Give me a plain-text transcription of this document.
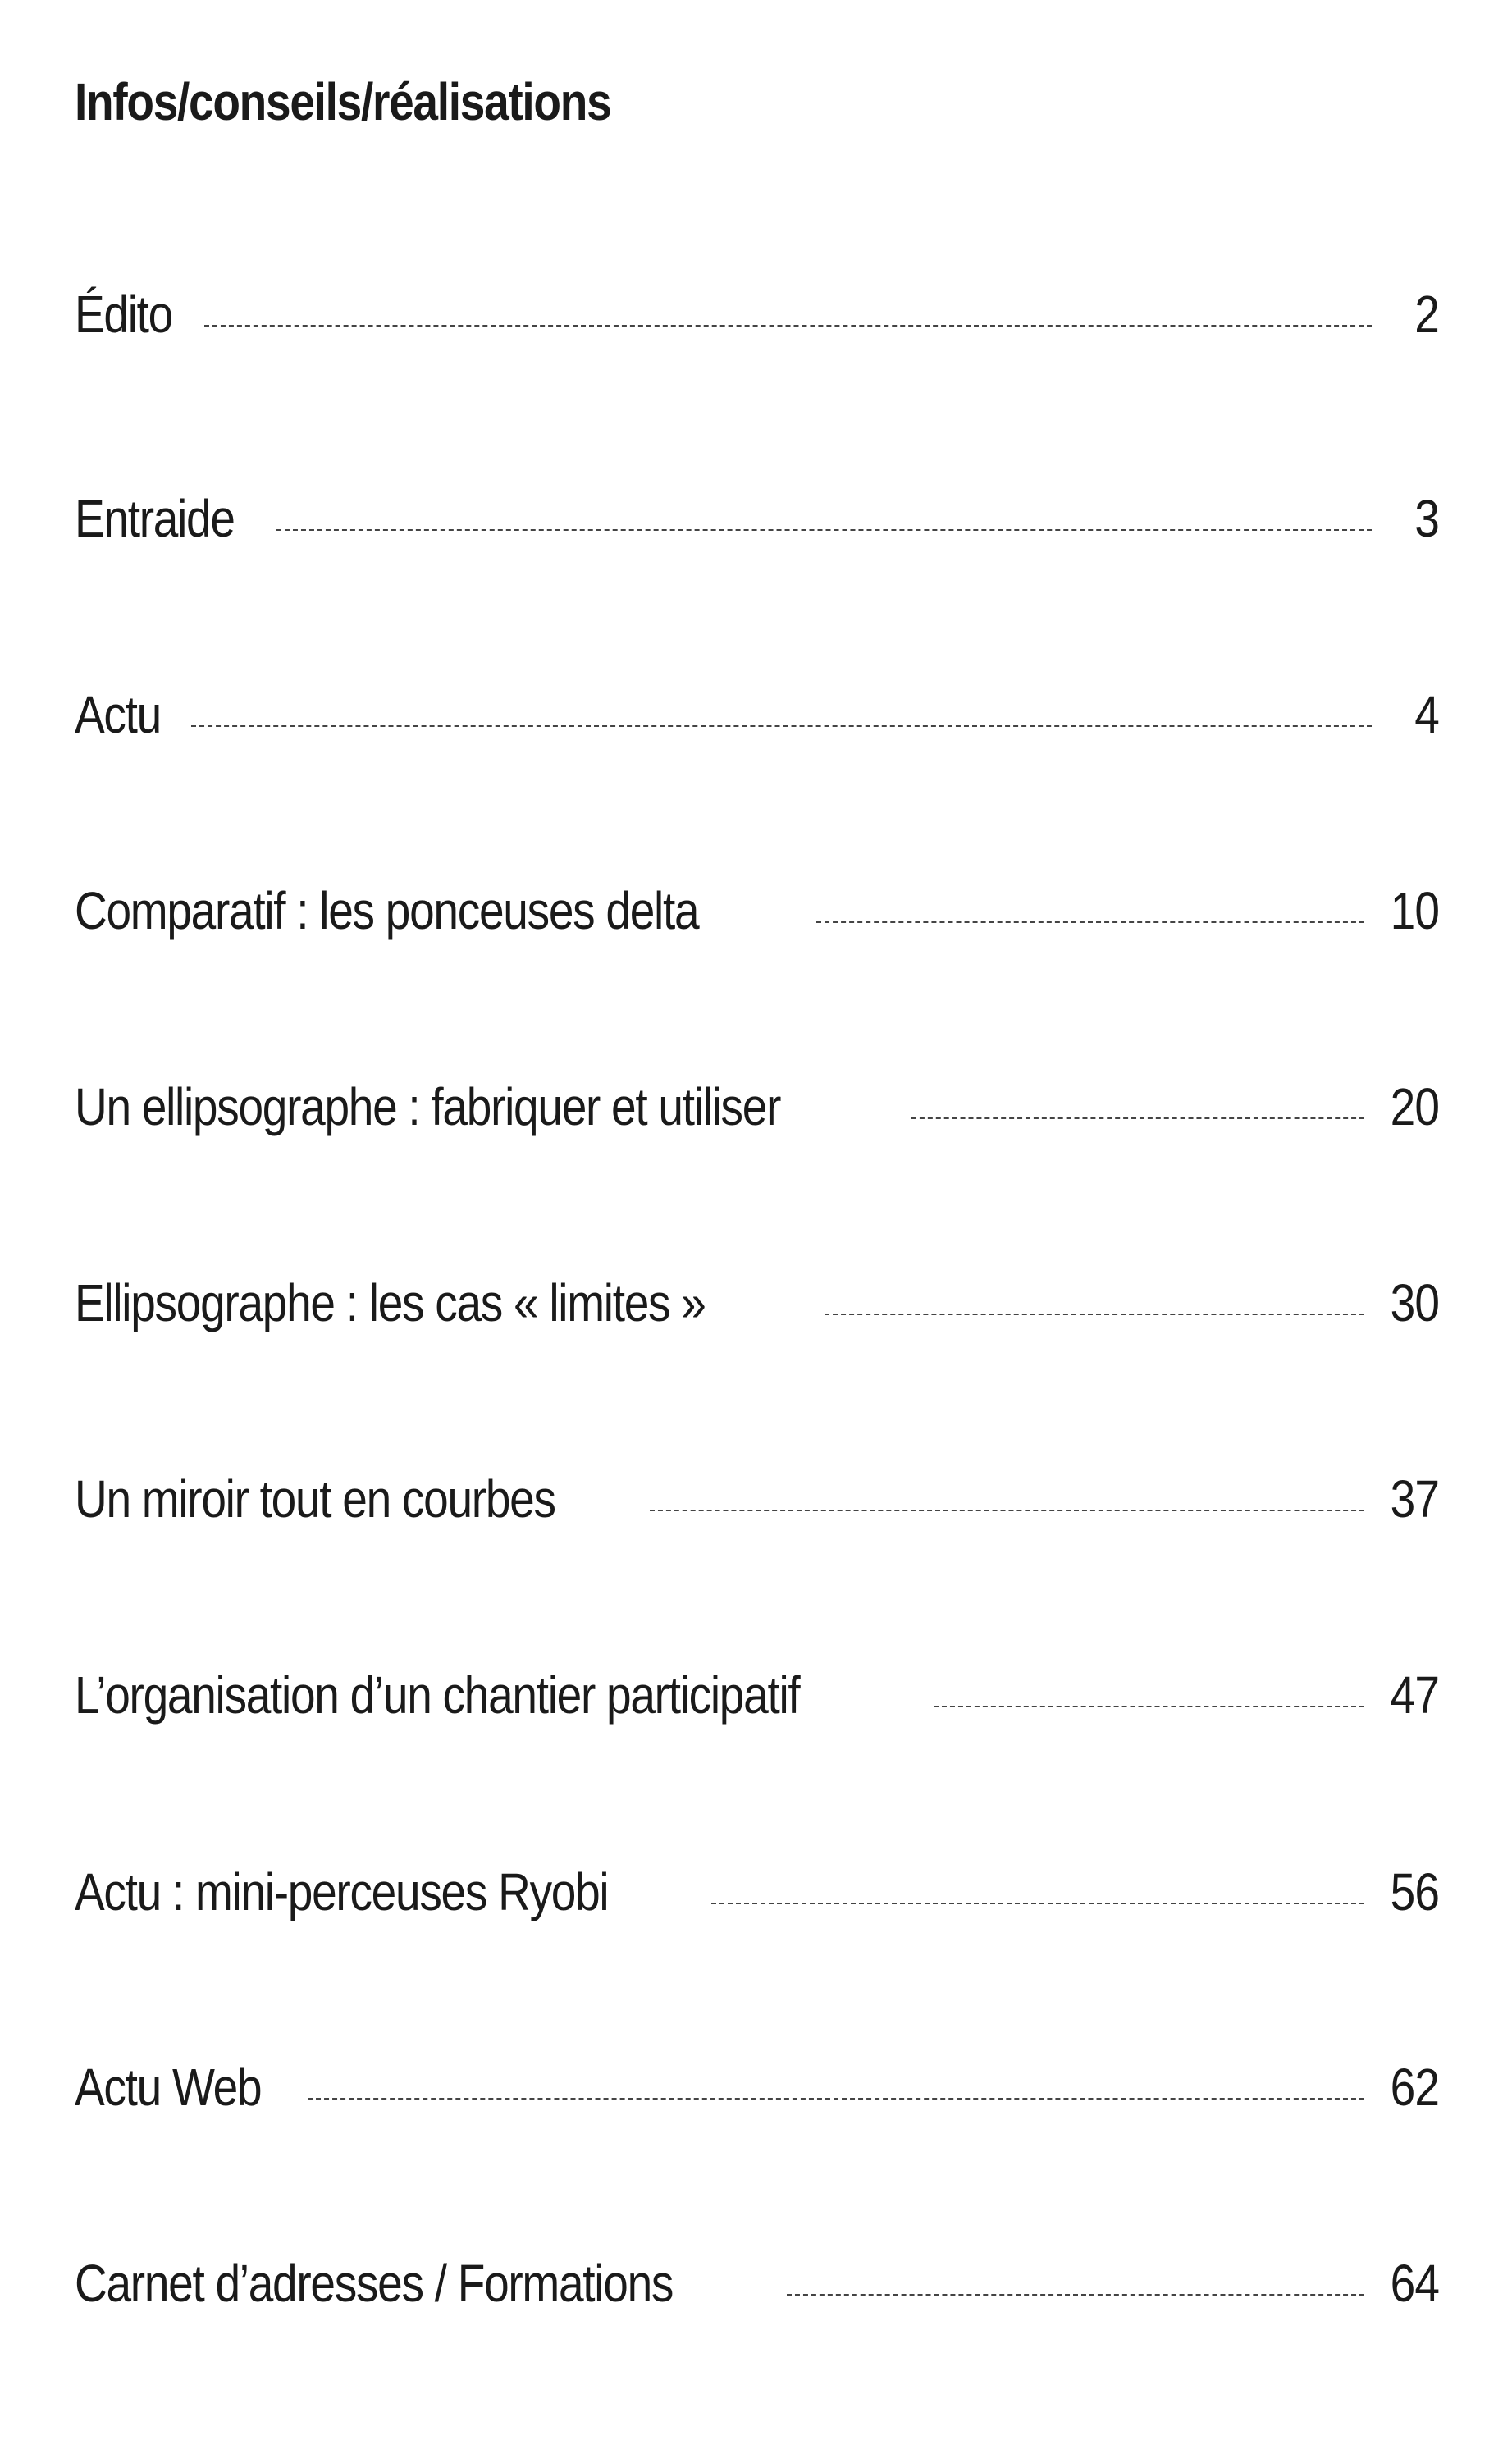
Infos/conseils/réalisations
Édito	2
Entraide	3
Actu	4
Comparatif : les ponceuses delta	10
Un ellipsographe : fabriquer et utiliser	20
Ellipsographe : les cas « limites »	30
Un miroir tout en courbes	37
L’organisation d’un chantier participatif	47
Actu : mini-perceuses Ryobi	56
Actu Web	62
Carnet d’adresses / Formations	64
